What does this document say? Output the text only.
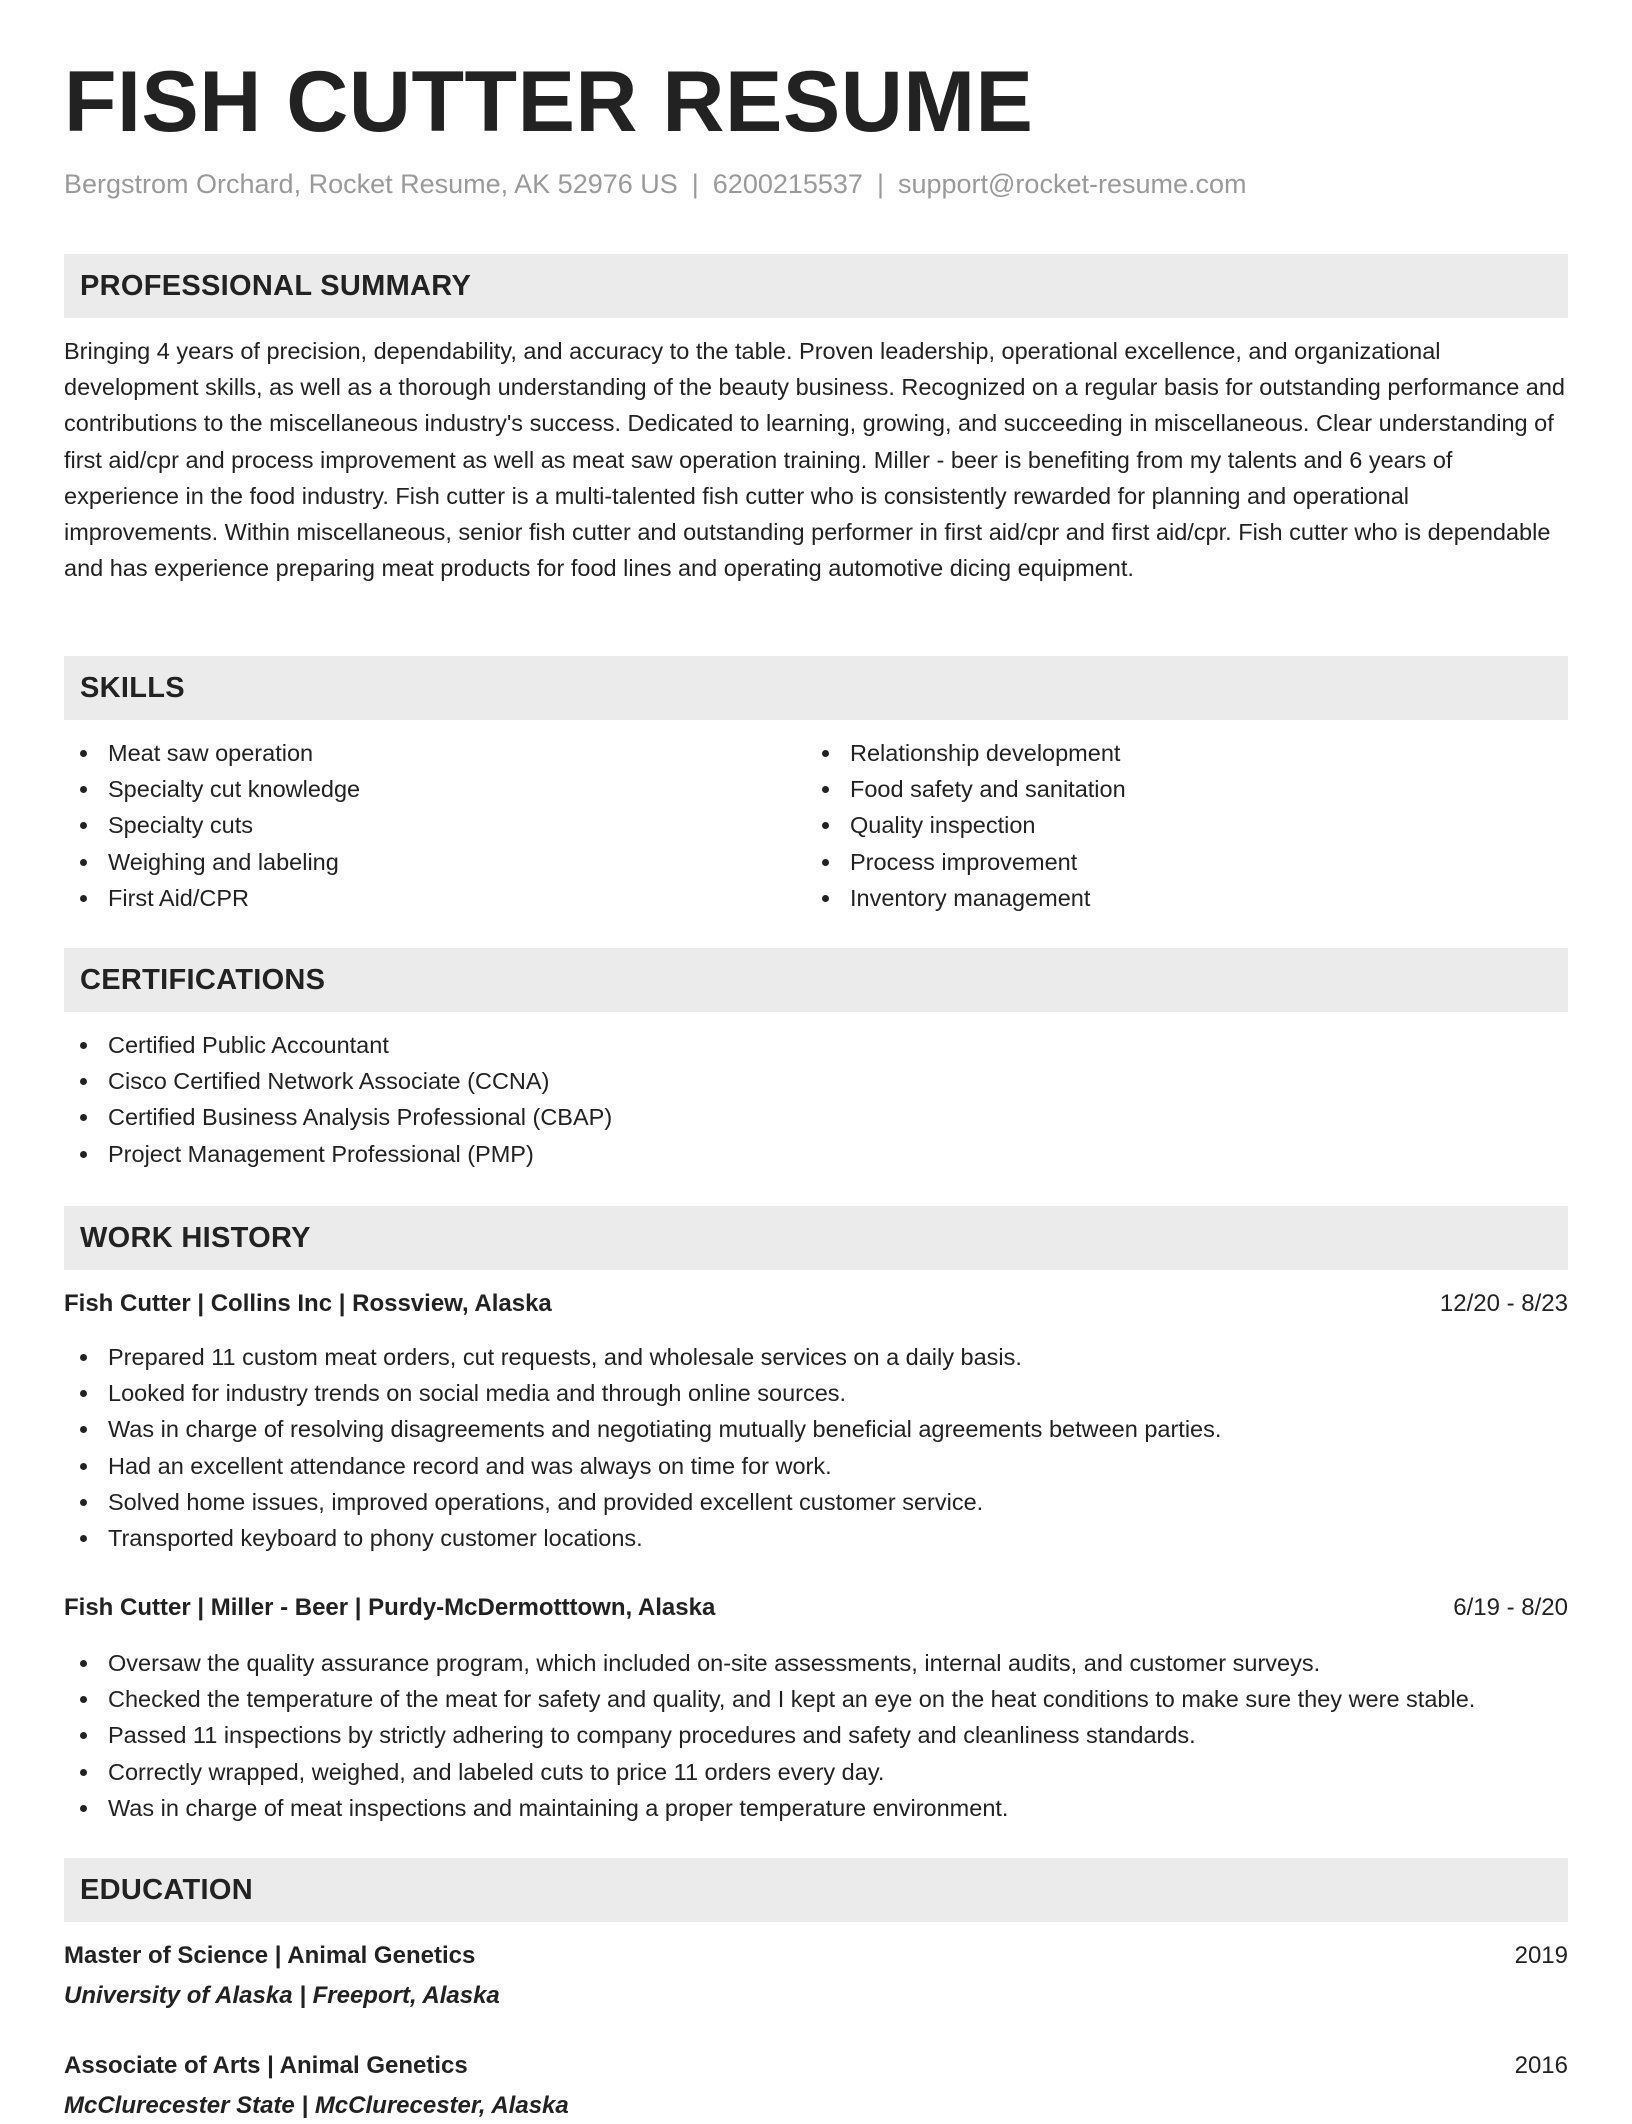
FISH CUTTER RESUME
Bergstrom Orchard, Rocket Resume, AK 52976 US | 6200215537 | support@rocket-resume.com
PROFESSIONAL SUMMARY
Bringing 4 years of precision, dependability, and accuracy to the table. Proven leadership, operational excellence, and organizational development skills, as well as a thorough understanding of the beauty business. Recognized on a regular basis for outstanding performance and contributions to the miscellaneous industry's success. Dedicated to learning, growing, and succeeding in miscellaneous. Clear understanding of first aid/cpr and process improvement as well as meat saw operation training. Miller - beer is benefiting from my talents and 6 years of experience in the food industry. Fish cutter is a multi-talented fish cutter who is consistently rewarded for planning and operational improvements. Within miscellaneous, senior fish cutter and outstanding performer in first aid/cpr and first aid/cpr. Fish cutter who is dependable and has experience preparing meat products for food lines and operating automotive dicing equipment.
SKILLS
Meat saw operation
Specialty cut knowledge
Specialty cuts
Weighing and labeling
First Aid/CPR
Relationship development
Food safety and sanitation
Quality inspection
Process improvement
Inventory management
CERTIFICATIONS
Certified Public Accountant
Cisco Certified Network Associate (CCNA)
Certified Business Analysis Professional (CBAP)
Project Management Professional (PMP)
WORK HISTORY
Fish Cutter | Collins Inc | Rossview, Alaska	12/20 - 8/23
Prepared 11 custom meat orders, cut requests, and wholesale services on a daily basis.
Looked for industry trends on social media and through online sources.
Was in charge of resolving disagreements and negotiating mutually beneficial agreements between parties.
Had an excellent attendance record and was always on time for work.
Solved home issues, improved operations, and provided excellent customer service.
Transported keyboard to phony customer locations.
Fish Cutter | Miller - Beer | Purdy-McDermotttown, Alaska	6/19 - 8/20
Oversaw the quality assurance program, which included on-site assessments, internal audits, and customer surveys.
Checked the temperature of the meat for safety and quality, and I kept an eye on the heat conditions to make sure they were stable.
Passed 11 inspections by strictly adhering to company procedures and safety and cleanliness standards.
Correctly wrapped, weighed, and labeled cuts to price 11 orders every day.
Was in charge of meat inspections and maintaining a proper temperature environment.
EDUCATION
Master of Science | Animal Genetics	2019
University of Alaska | Freeport, Alaska
Associate of Arts | Animal Genetics	2016
McClurecester State | McClurecester, Alaska
